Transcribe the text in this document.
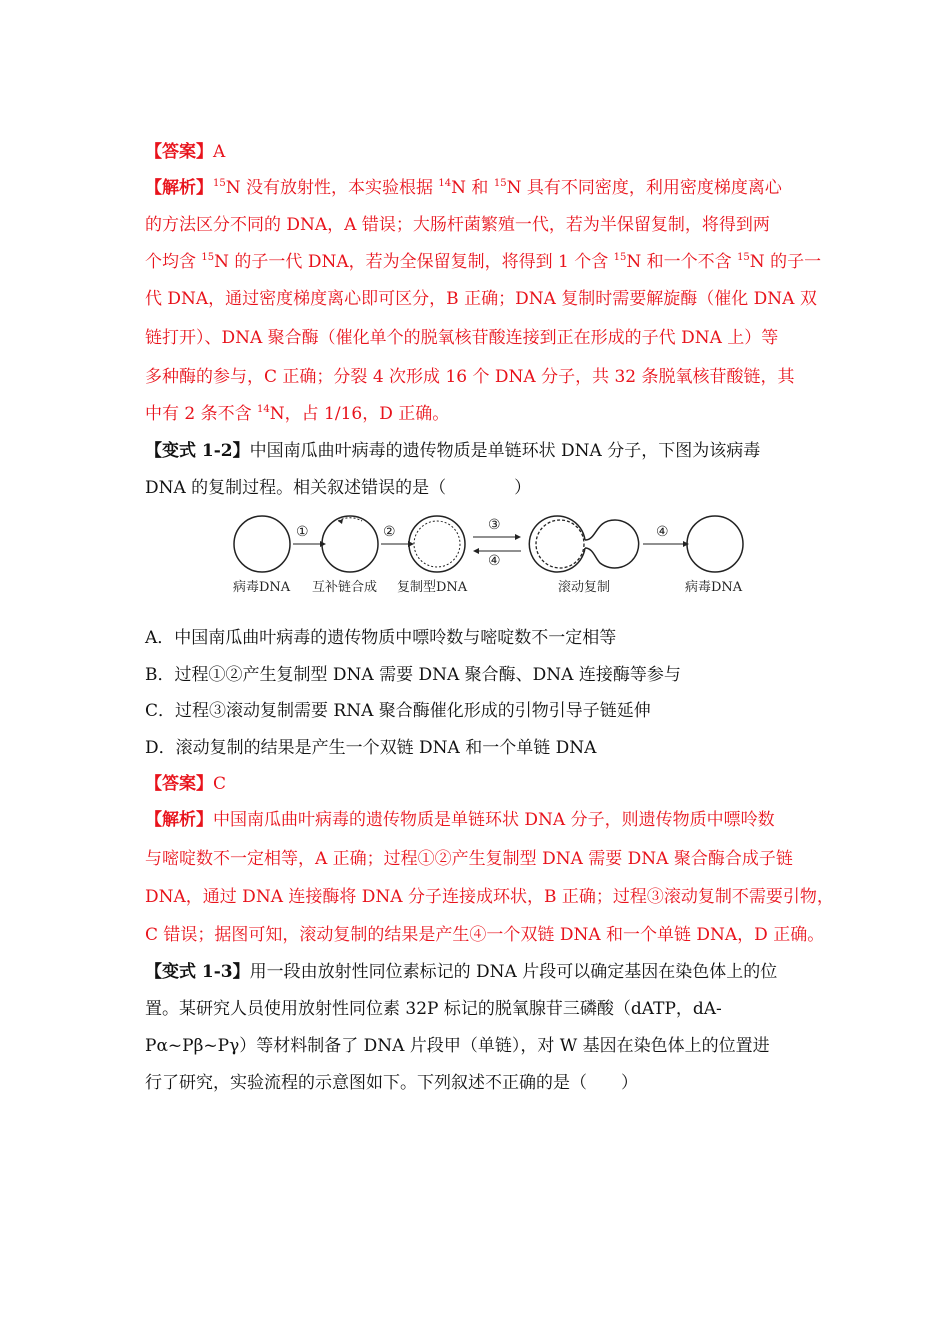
【答案】A
【解析】$^{15}$N 没有放射性，本实验根据 $^{14}$N 和 $^{15}$N 具有不同密度，利用密度梯度离心
的方法区分不同的 DNA，A 错误；大肠杆菌繁殖一代，若为半保留复制，将得到两
个均含 $^{15}$N 的子一代 DNA，若为全保留复制，将得到 1 个含 $^{15}$N 和一个不含 $^{15}$N 的子一
代 DNA，通过密度梯度离心即可区分，B 正确；DNA 复制时需要解旋酶（催化 DNA 双
链打开）、DNA 聚合酶（催化单个的脱氧核苷酸连接到正在形成的子代 DNA 上）等
多种酶的参与，C 正确；分裂 4 次形成 16 个 DNA 分子，共 32 条脱氧核苷酸链，其
中有 2 条不含 $^{14}$N，占 1/16，D 正确。
【变式 1-2】中国南瓜曲叶病毒的遗传物质是单链环状 DNA 分子，下图为该病毒
DNA 的复制过程。相关叙述错误的是（　　　　）
①	②	③
④
④
病毒DNA 互补链合成 复制型DNA	滚动复制	病毒DNA
A．中国南瓜曲叶病毒的遗传物质中嘌呤数与嘧啶数不一定相等
B．过程①②产生复制型 DNA 需要 DNA 聚合酶、DNA 连接酶等参与
C．过程③滚动复制需要 RNA 聚合酶催化形成的引物引导子链延伸
D．滚动复制的结果是产生一个双链 DNA 和一个单链 DNA
【答案】C
【解析】中国南瓜曲叶病毒的遗传物质是单链环状 DNA 分子，则遗传物质中嘌呤数
与嘧啶数不一定相等，A 正确；过程①②产生复制型 DNA 需要 DNA 聚合酶合成子链
DNA，通过 DNA 连接酶将 DNA 分子连接成环状，B 正确；过程③滚动复制不需要引物，
C 错误；据图可知，滚动复制的结果是产生④一个双链 DNA 和一个单链 DNA，D 正确。
【变式 1-3】用一段由放射性同位素标记的 DNA 片段可以确定基因在染色体上的位
置。某研究人员使用放射性同位素 32P 标记的脱氧腺苷三磷酸（dATP，dA-
Pα~Pβ~Pγ）等材料制备了 DNA 片段甲（单链），对 W 基因在染色体上的位置进
行了研究，实验流程的示意图如下。下列叙述不正确的是（　　）
